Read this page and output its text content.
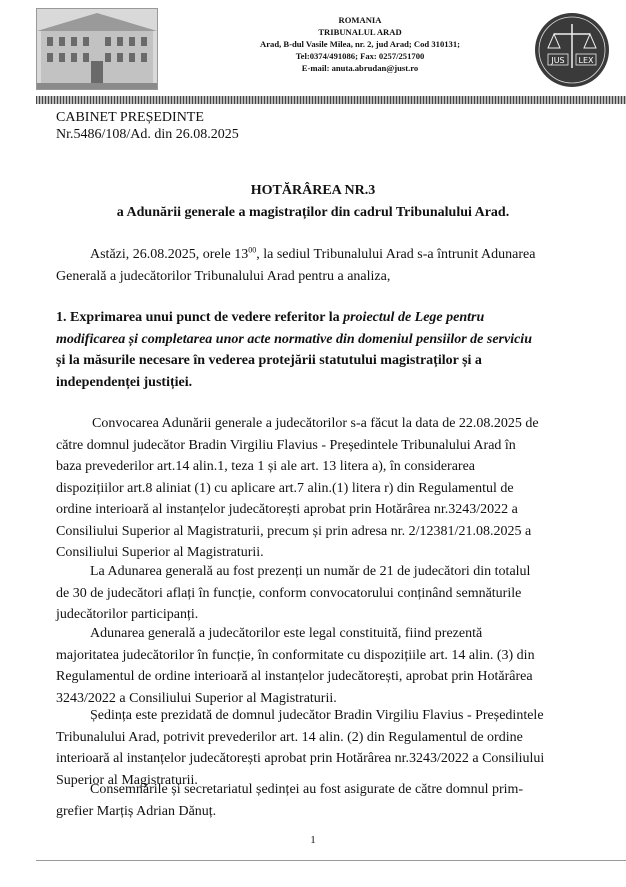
ROMANIA
TRIBUNALUL ARAD
Arad, B-dul Vasile Milea, nr. 2, jud Arad; Cod 310131;
Tel:0374/491086; Fax: 0257/251700
E-mail: anuta.abrudan@just.ro
JUS LEX
CABINET PREȘEDINTE
Nr.5486/108/Ad. din 26.08.2025
HOTĂRÂREA NR.3
a Adunării generale a magistraților din cadrul Tribunalului Arad.
Astăzi, 26.08.2025, orele $13^{00}$, la sediul Tribunalului Arad s-a întrunit Adunarea
Generală a judecătorilor Tribunalului Arad pentru a analiza,
1. Exprimarea unui punct de vedere referitor la proiectul de Lege pentru
modificarea și completarea unor acte normative din domeniul pensiilor de serviciu
și la măsurile necesare în vederea protejării statutului magistraților și a
independenței justiției.
Convocarea Adunării generale a judecătorilor s-a făcut la data de 22.08.2025 de
către domnul judecător Bradin Virgiliu Flavius - Președintele Tribunalului Arad în
baza prevederilor art.14 alin.1, teza 1 și ale art. 13 litera a), în considerarea
dispozițiilor art.8 aliniat (1) cu aplicare art.7 alin.(1) litera r) din Regulamentul de
ordine interioară al instanțelor judecătorești aprobat prin Hotărârea nr.3243/2022 a
Consiliului Superior al Magistraturii, precum și prin adresa nr. 2/12381/21.08.2025 a
Consiliului Superior al Magistraturii.
La Adunarea generală au fost prezenți un număr de 21 de judecători din totalul
de 30 de judecători aflați în funcție, conform convocatorului conținând semnăturile
judecătorilor participanți.
Adunarea generală a judecătorilor este legal constituită, fiind prezentă
majoritatea judecătorilor în funcție, în conformitate cu dispozițiile art. 14 alin. (3) din
Regulamentul de ordine interioară al instanțelor judecătorești, aprobat prin Hotărârea
3243/2022 a Consiliului Superior al Magistraturii.
Ședința este prezidată de domnul judecător Bradin Virgiliu Flavius - Președintele
Tribunalului Arad, potrivit prevederilor art. 14 alin. (2) din Regulamentul de ordine
interioară al instanțelor judecătorești aprobat prin Hotărârea nr.3243/2022 a Consiliului
Superior al Magistraturii.
Consemnările și secretariatul ședinței au fost asigurate de către domnul prim-
grefier Marțiș Adrian Dănuț.
1
